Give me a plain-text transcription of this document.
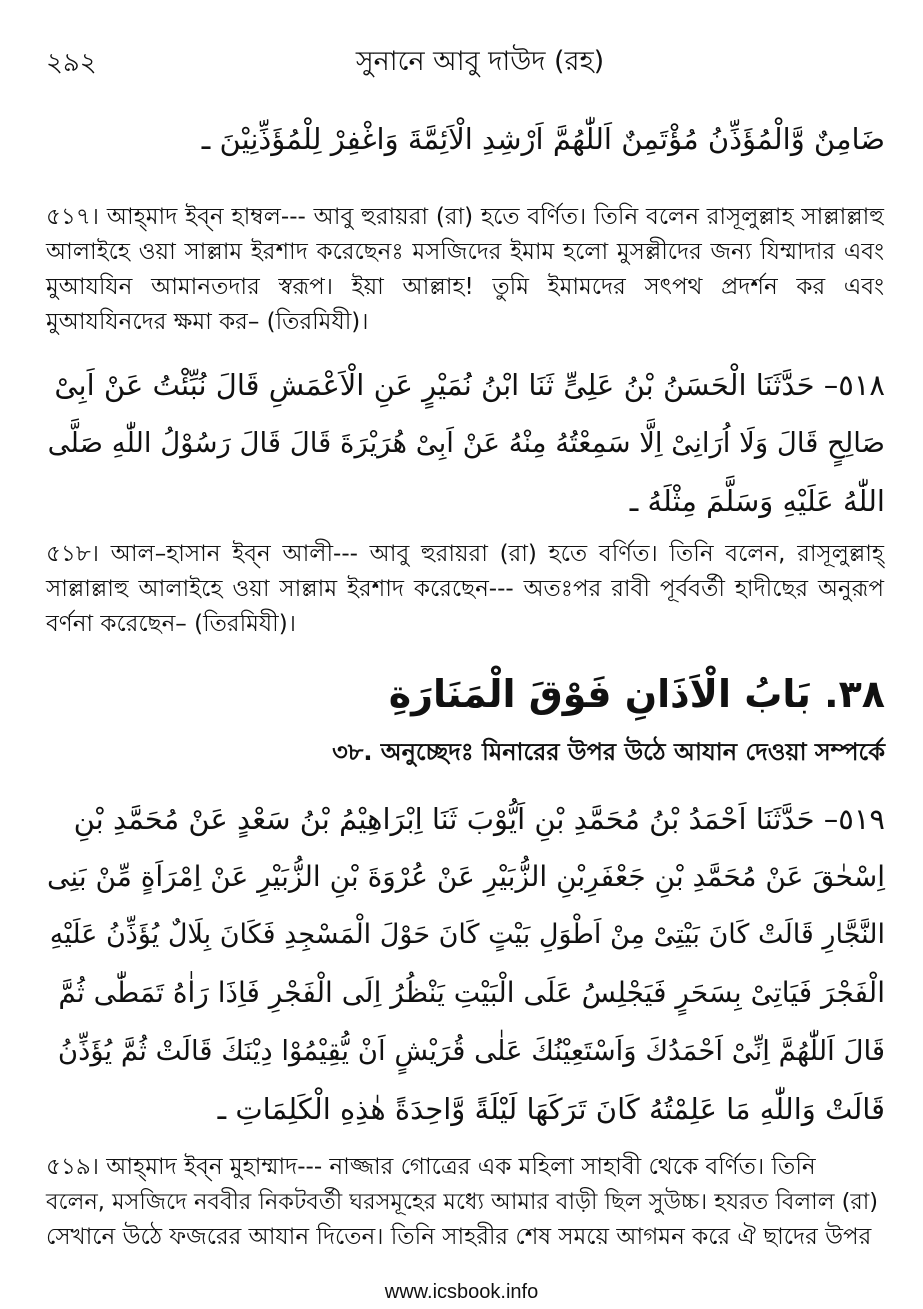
২৯২	সুনানে আবু দাউদ (রহ)
ضَامِنٌ وَّالْمُؤَذِّنُ مُؤْتَمِنٌ اَللّٰهُمَّ اَرْشِدِ الْاَئِمَّةَ وَاغْفِرْ لِلْمُؤَذِّنِيْنَ ـ
৫১৭। আহ্‌মাদ ইব্‌ন হাম্বল--- আবু হুরায়রা (রা) হতে বর্ণিত। তিনি বলেন রাসূলুল্লাহ সাল্লাল্লাহু আলাইহে ওয়া সাল্লাম ইরশাদ করেছেনঃ মসজিদের ইমাম হলো মুসল্লীদের জন্য যিম্মাদার এবং মুআযযিন আমানতদার স্বরূপ। ইয়া আল্লাহ! তুমি ইমামদের সৎপথ প্রদর্শন কর এবং মুআযযিনদের ক্ষমা কর– (তিরমিযী)।
٥١٨– حَدَّثَنَا الْحَسَنُ بْنُ عَلِىٍّ ثَنَا ابْنُ نُمَيْرٍ عَنِ الْاَعْمَشِ قَالَ نُبِّئْتُ عَنْ اَبِىْ
صَالِحٍ قَالَ وَلَا اُرَانِىْ اِلَّا سَمِعْتُهُ مِنْهُ عَنْ اَبِىْ هُرَيْرَةَ قَالَ قَالَ رَسُوْلُ اللّٰهِ صَلَّى
اللّٰهُ عَلَيْهِ وَسَلَّمَ مِثْلَهُ ـ
৫১৮। আল–হাসান ইব্‌ন আলী--- আবু হুরায়রা (রা) হতে বর্ণিত। তিনি বলেন, রাসূলুল্লাহ্‌ সাল্লাল্লাহু আলাইহে ওয়া সাল্লাম ইরশাদ করেছেন--- অতঃপর রাবী পূর্ববর্তী হাদীছের অনুরূপ বর্ণনা করেছেন– (তিরমিযী)।
٣٨. بَابُ الْاَذَانِ فَوْقَ الْمَنَارَةِ
৩৮. অনুচ্ছেদঃ মিনারের উপর উঠে আযান দেওয়া সম্পর্কে
٥١٩– حَدَّثَنَا اَحْمَدُ بْنُ مُحَمَّدِ بْنِ اَيُّوْبَ ثَنَا اِبْرَاهِيْمُ بْنُ سَعْدٍ عَنْ مُحَمَّدِ بْنِ
اِسْحٰقَ عَنْ مُحَمَّدِ بْنِ جَعْفَرِبْنِ الزُّبَيْرِ عَنْ عُرْوَةَ بْنِ الزُّبَيْرِ عَنْ اِمْرَاَةٍ مِّنْ بَنِى
النَّجَّارِ قَالَتْ كَانَ بَيْتِىْ مِنْ اَطْوَلِ بَيْتٍ كَانَ حَوْلَ الْمَسْجِدِ فَكَانَ بِلَالٌ يُؤَذِّنُ عَلَيْهِ
الْفَجْرَ فَيَاتِىْ بِسَحَرٍ فَيَجْلِسُ عَلَى الْبَيْتِ يَنْظُرُ اِلَى الْفَجْرِ فَاِذَا رَاٰهُ تَمَطّٰى ثُمَّ
قَالَ اَللّٰهُمَّ اِنِّىْ اَحْمَدُكَ وَاَسْتَعِيْنُكَ عَلٰى قُرَيْشٍ اَنْ يُّقِيْمُوْا دِيْنَكَ قَالَتْ ثُمَّ يُؤَذِّنُ
قَالَتْ وَاللّٰهِ مَا عَلِمْتُهُ كَانَ تَرَكَهَا لَيْلَةً وَّاحِدَةً هٰذِهِ الْكَلِمَاتِ ـ
৫১৯। আহ্‌মাদ ইব্‌ন মুহাম্মাদ--- নাজ্জার গোত্রের এক মহিলা সাহাবী থেকে বর্ণিত। তিনি
বলেন, মসজিদে নববীর নিকটবর্তী ঘরসমূহের মধ্যে আমার বাড়ী ছিল সুউচ্চ। হযরত বিলাল (রা)
সেখানে উঠে ফজরের আযান দিতেন। তিনি সাহরীর শেষ সময়ে আগমন করে ঐ ছাদের উপর
www.icsbook.info
